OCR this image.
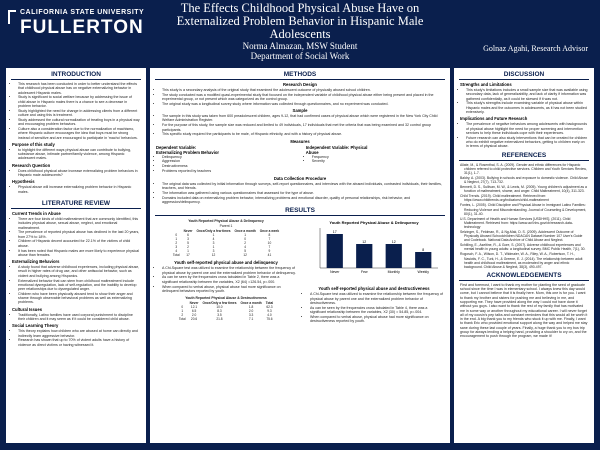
CALIFORNIA STATE UNIVERSITY
FULLERTON
The Effects Childhood Physical Abuse Have on Externalized Problem Behavior in Hispanic Male Adolescents
Norma Almazan, MSW Student
Department of Social Work
Golnaz Agahi, Research Advisor
INTRODUCTION
• This research has been conducted in order to better understand the effects that childhood physical abuse has on negative externalizing behavior in adolescent Hispanic males.
• Study is significant to social welfare because by addressing the issue of child abuse in Hispanic males there is a chance to see a decrease in problem behavior.
• Study highlighted the need for change in addressing clients from a different culture and using this is treatment.
• Study addressed the cultural normalization of treating boys in a physical way and encouraging problem behaviors.
• Culture also a consideration factor due to the normalization of machismo, where Hispanic culture encourages the idea that boys must be strong instead of sensitive and are encouraged to participate in 'macho' behaviors.
Purpose of this study
• to highlight the different ways physical abuse can contribute to bullying, substance abuse, intimate partner/family violence, among Hispanic adolescent males.
Research Question
• Does childhood physical abuse increase externalizing problem behaviors in Hispanic male adolescents?
Hypothesis
• Physical abuse will increase externalizing problem behavior in Hispanic males.
LITERATURE REVIEW
Current Trends in Abuse
• There are four kinds of child maltreatment that are commonly identified, this includes physical abuse, sexual abuse, neglect, and emotional maltreatment.
• The prevalence of reported physical abuse has declined in the last 20 years, from 27% to 18%.
• Children of Hispanic decent accounted for 22.1% of the victims of child abuse.
• It has been noted that Hispanic males are more likely to experience physical abuse than females.
Externalizing Behaviors
• A study found that adverse childhood experiences, including physical abuse, result in higher rates of drug use, and other antisocial behavior, such as violent and bullying among Hispanics.
• Externalized behavior that can stem from childhood maltreatment include emotional dysregulation, lack of self-regulation, and the inability to develop peer relationships due to dysregulated anger.
• Children who have been physically abused tend to show their anger and shame through observable behavioral problems as well as externalizing problems.
Cultural Issues
• Traditionally, Latino families have used corporal punishment to discipline their children and it may seem as if it could be considered child abuse.
Social Learning Theory
• This theory explains how children who are abused at home can directly and indirectly learn aggressive behavior.
• Research has shown that up to 70% of violent adults have a history of violence as direct victims or having witnessed it.
METHODS
Research Design
• This study is a secondary analysis of the original study that examined the adolescent outcome of physically abused school children.
• The study conducted was a modified quasi-experimental study that focused on the independent variable of childhood physical abuse either being present and placed in the experimental group, or not present which was categorized as the control group.
• The original study was a longitudinal survey study where information was collected through questionnaires, and no experiment was conducted.
Sample
• The sample in this study was taken from 600 preadolescent children, ages 9-12, that had confirmed cases of physical abuse which were registered in the New York City Child Welfare Administration Register.
• For the purpose of this study, the sample size was reduced and limited to 49 individuals, 17 individuals that met the criteria that was being examined and 32 control group participants.
• This specific study required the participants to be male, of Hispanic ethnicity, and with a history of physical abuse.
Measures
Dependent Variable: Externalizing Problem Behavior
• Delinquency
• Aggression
• Destructiveness
• Problems reported by teachers
Independent Variable: Physical Abuse
• Frequency
• Severity
Data Collection Procedure
• The original data was collected by initial information through surveys, self-report questionnaires, and interviews with the abused individuals, contrasted individuals, their families, teachers, and friends.
• The information was gathered using various questionnaires that assessed for the type of abuse.
• Domains included data on externalizing problem behavior, internalizing problems and emotional disorder, quality of personal relationships, risk behavior, and aggression/delinquency.
RESULTS
Youth Reported Physical Abuse & Delinquency
Parent 1
	Never	Once/Only a few times	Once a month	Once a week
0	6	1	1	8
1	3	4	0	7
2	5	3	2	10
3	2	1	4	7
4	1	3	5	9
Total	17	12	12	41
Youth self-reported physical abuse and delinquency
• A Chi-Square test was utilized to examine the relationship between the frequency of physical abuse by parent one and the externalized problem behavior of delinquency.
• As can be seen by the frequencies cross tabulated in Table 2, there was a significant relationship between the variables, X2 (64) =126.54, p=.000.
• When compared to verbal abuse, physical abuse had more significance on delinquent behaviors reported by youth.
Youth Reported Physical Abuse & Destructiveness
	Never	Once/Only a few times	Once a month	Total
0	12.1	10.0	1.8	62.3
1	6.5	8.3	2.0	9.3
2	2.0	3.5	3.3	4.0
Total	20.6	21.8	7.1	75.6
Youth Reported Physical Abuse & Delinquency
Never
17
Few
12
Monthly
12
Weekly
8
Youth self-reported physical abuse and destructiveness
• A Chi-Square test was utilized to examine the relationship between the frequency of physical abuse by parent one and the externalized problem behavior of destructiveness.
• As can be seen by the frequencies cross tabulated in Table 4, there was a significant relationship between the variables, X2 (30) = 54.85, p=.004.
• When compared to verbal abuse, physical abuse had more significance on destructiveness reported by youth.
DISCUSSION
Strengths and Limitations
• This study's limitations includes a small sample size that was available using secondary data, lack of generalizability, and lack of clarity if information was gathered confidentially, as it could be skewed if it was not.
• This study's strengths include examining variable of physical abuse within Hispanic males and the outcomes in adolescents, as it has not been studied extensively.
Implications and Future Research
• The prevalence of negative behaviors among adolescents with backgrounds of physical abuse highlight the need for proper screening and intervention services to help these individuals cope with their experiences.
• Future research can also study interventions that can be created for children who do exhibit negative externalized behaviors, getting to children early on in terms of physical abuse.
REFERENCES
Allate, M., & Rosenthal, S. A. (2009). Gender and ethnic differences for Hispanic children referred to child protective services. Children and Youth Services Review, 31(1), 1-7.
Baldry, A. (2003). Bullying in schools and exposure to domestic violence. Child Abuse & Neglect, 27(7), 713-732.
Bennett, D. S., Sullivan, M. W., & Lewis, M. (2005). Young children's adjustment as a function of maltreatment, shame, and anger. Child Maltreatment, 10(4), 311-323.
Child Trends. (2019). Child maltreatment. Retrieved from: https://www.childtrends.org/indicators/child-maltreatment
Fontes, L. (2005). Child Discipline and Physical Abuse in Immigrant Latino Families: Reducing Violence and Misunderstanding. Journal of Counseling & Development, 80(1), 31-40.
U.S. Department of Health and Human Services [USDHHS]. (2011). Child Maltreatment. Retrieved from: https://www.acf.hhs.gov/cb/research-data-technology
Selzinger, S., Feldman, R., & Ng-Mak, D. S. (2009). Adolescent Outcome of Physically Abused Schoolchildren NDACAN Dataset Number 107 User's Guide and Codebook. National Data Archive of Child Abuse and Neglect.
Schilling, E., Aseltine, R., & Gore, S. (2007). Adverse childhood experiences and mental health in young adults: a longitudinal survey. BMC Public Health, 7(1), 30.
Rogosch, F. A., Wilson, D. T., Widmaier, W. A., Riley, W. A., Robertson, T. H., Nasiotis, F. C., Turk, H., & Greene, E. J. (2014). The relationship between adult health and childhood maltreatment, as moderated by anger and ethnic background. Child Abuse & Neglect, 38(3), 490-497.
ACKNOWLEDGEMENTS

First and foremost, I want to thank my mother for planting the seed of graduate school since the time I was in elementary school. I always knew this day would come, but I cannot believe that it is finally here. Mom, this one is for you. I want to thank my brother and sisters for pushing me and believing in me, and supporting me. They have provided along the way I could not have done it without you guys. I also want to thank the rest of my family that has motivated me in some way or another throughout my educational career. I will never forget all of my cousin's pep talks and constant reminders that this would all be worth it in the end. A big thank you to my friends who stuck it up with me. Finally, I want to thank Eric who provided emotional support along the way and helped me stay sane during these last couple of years. Finally, a huge thank you to my bus trip group for always lending a helping hand, providing a shoulder to cry on, and the encouragement to push through the program, we made it!
